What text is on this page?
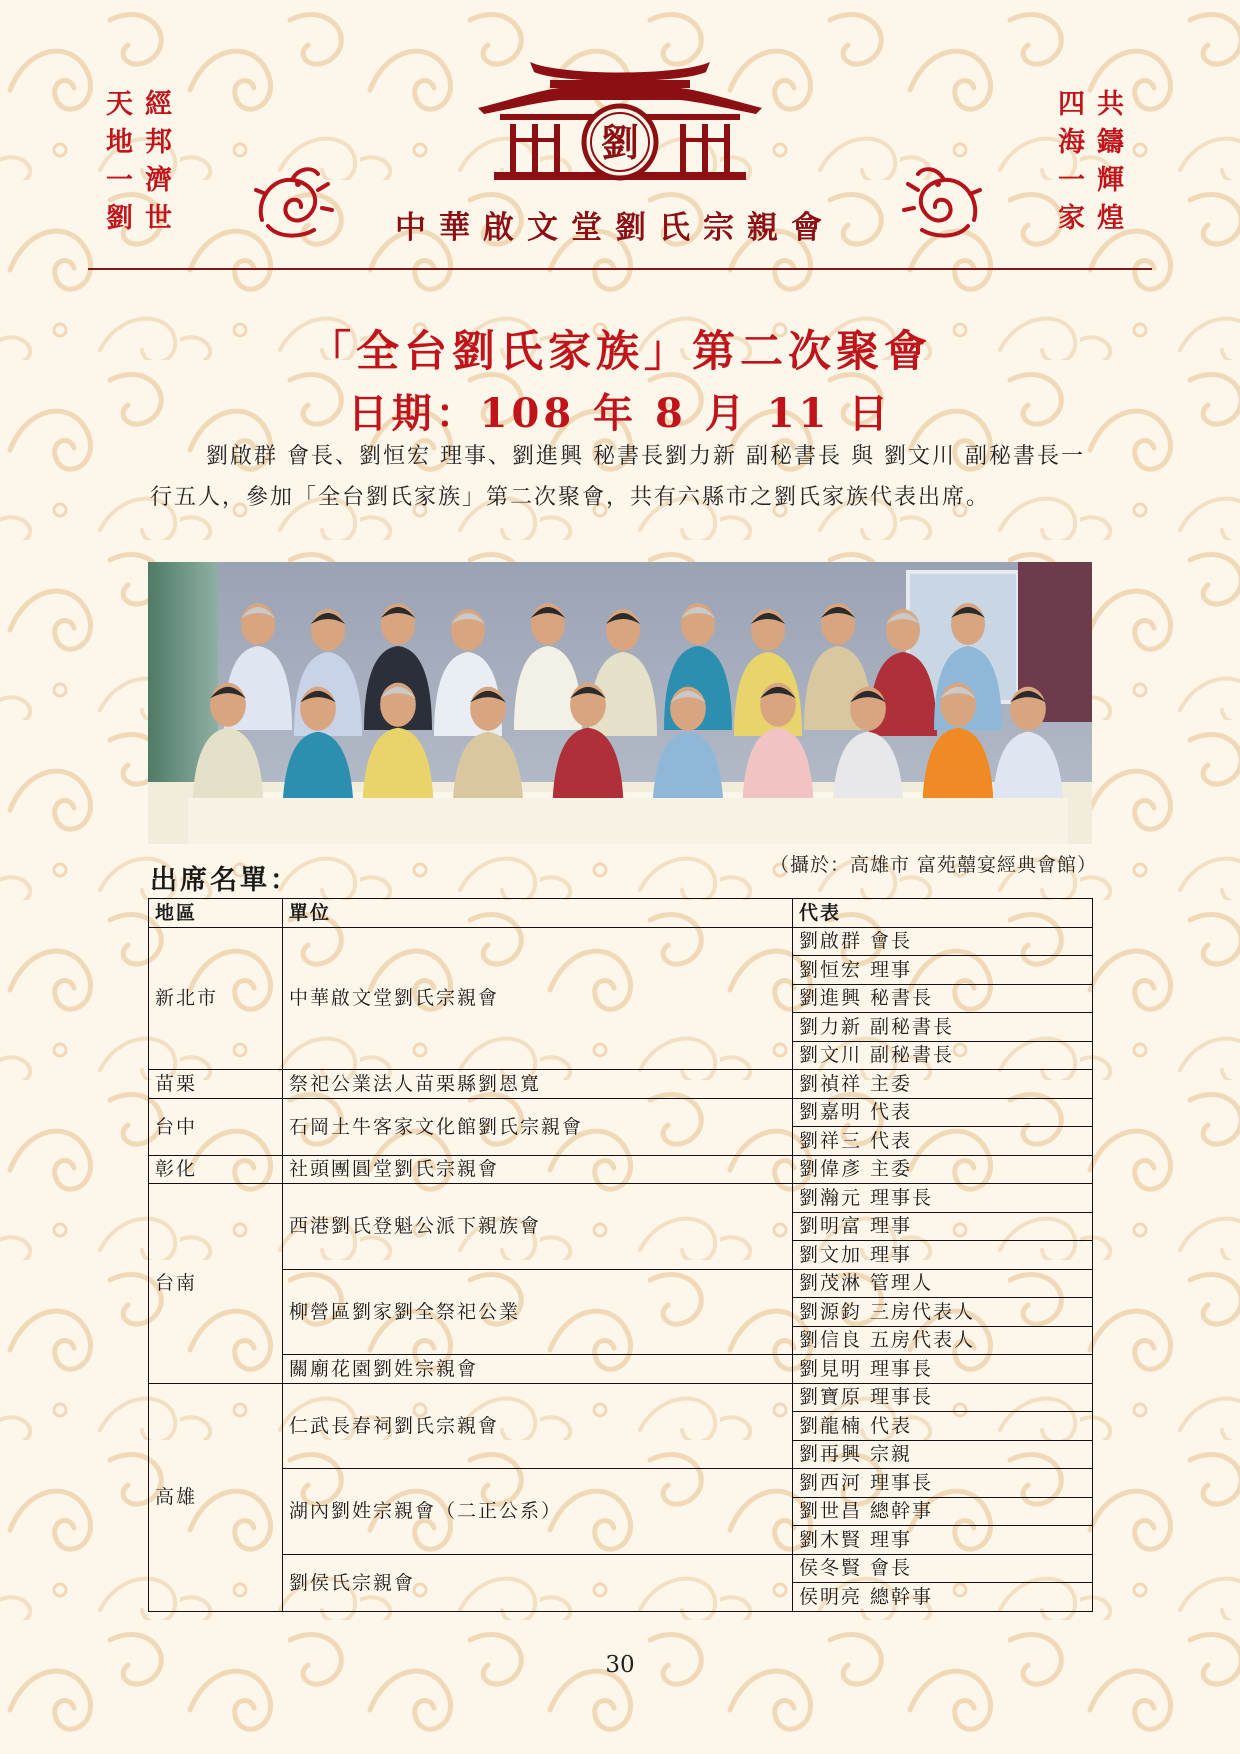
天
地
一
劉
經
邦
濟
世
四
海
一
家
共
鑄
輝
煌
劉
中華啟文堂劉氏宗親會
「全台劉氏家族」第二次聚會
日期：108 年 8 月 11 日
劉啟群 會長、劉恒宏 理事、劉進興 秘書長劉力新 副秘書長 與 劉文川 副秘書長一行五人，參加「全台劉氏家族」第二次聚會，共有六縣市之劉氏家族代表出席。
（攝於：高雄市 富苑囍宴經典會館）
出席名單：
地區	單位	代表
新北市	中華啟文堂劉氏宗親會	劉啟群 會長
		劉恒宏 理事
		劉進興 秘書長
		劉力新 副秘書長
		劉文川 副秘書長
苗栗	祭祀公業法人苗栗縣劉恩寬	劉禎祥 主委
台中	石岡土牛客家文化館劉氏宗親會	劉嘉明 代表
		劉祥三 代表
彰化	社頭團圓堂劉氏宗親會	劉偉彥 主委
台南	西港劉氏登魁公派下親族會	劉瀚元 理事長
		劉明富 理事
		劉文加 理事
	柳營區劉家劉全祭祀公業	劉茂淋 管理人
		劉源鈞 三房代表人
		劉信良 五房代表人
	關廟花園劉姓宗親會	劉見明 理事長
高雄	仁武長春祠劉氏宗親會	劉寶原 理事長
		劉龍楠 代表
		劉再興 宗親
	湖內劉姓宗親會（二正公系）	劉西河 理事長
		劉世昌 總幹事
		劉木賢 理事
	劉侯氏宗親會	侯冬賢 會長
		侯明亮 總幹事
30
